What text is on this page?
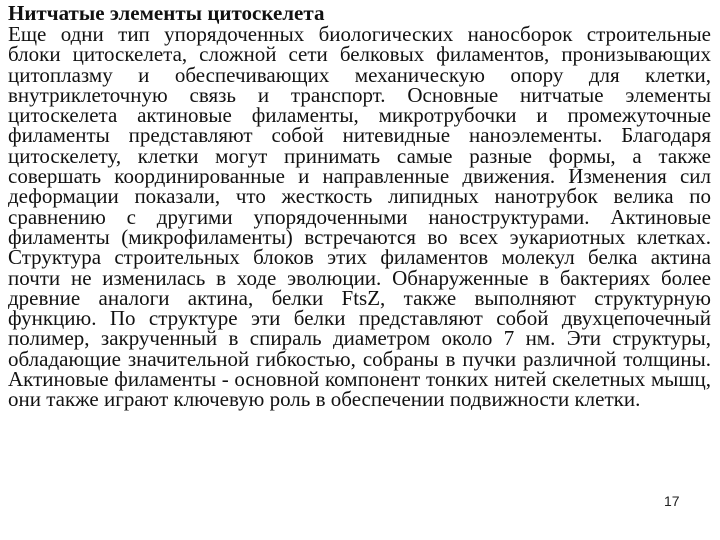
Нитчатые элементы цитоскелета

Еще одни тип упорядоченных биологических наносборок строительные блоки цитоскелета, сложной сети белковых филаментов, пронизывающих цитоплазму и обеспечивающих механическую опору для клетки, внутриклеточную связь и транспорт. Основные нитчатые элементы цитоскелета актиновые филаменты, микротрубочки и промежуточные филаменты представляют собой нитевидные наноэлементы. Благодаря цитоскелету, клетки могут принимать самые разные формы, а также совершать координированные и направленные движения. Изменения сил деформации показали, что жесткость липидных нанотрубок велика по сравнению с другими упорядоченными наноструктурами. Актиновые филаменты (микрофиламенты) встречаются во всех эукариотных клетках. Структура строительных блоков этих филаментов молекул белка актина почти не изменилась в ходе эволюции. Обнаруженные в бактериях более древние аналоги актина, белки FtsZ, также выполняют структурную функцию. По структуре эти белки представляют собой двухцепочечный полимер, закрученный в спираль диаметром около 7 нм. Эти структуры, обладающие значительной гибкостью, собраны в пучки различной толщины. Актиновые филаменты - основной компонент тонких нитей скелетных мышц, они также играют ключевую роль в обеспечении подвижности клетки.

17
